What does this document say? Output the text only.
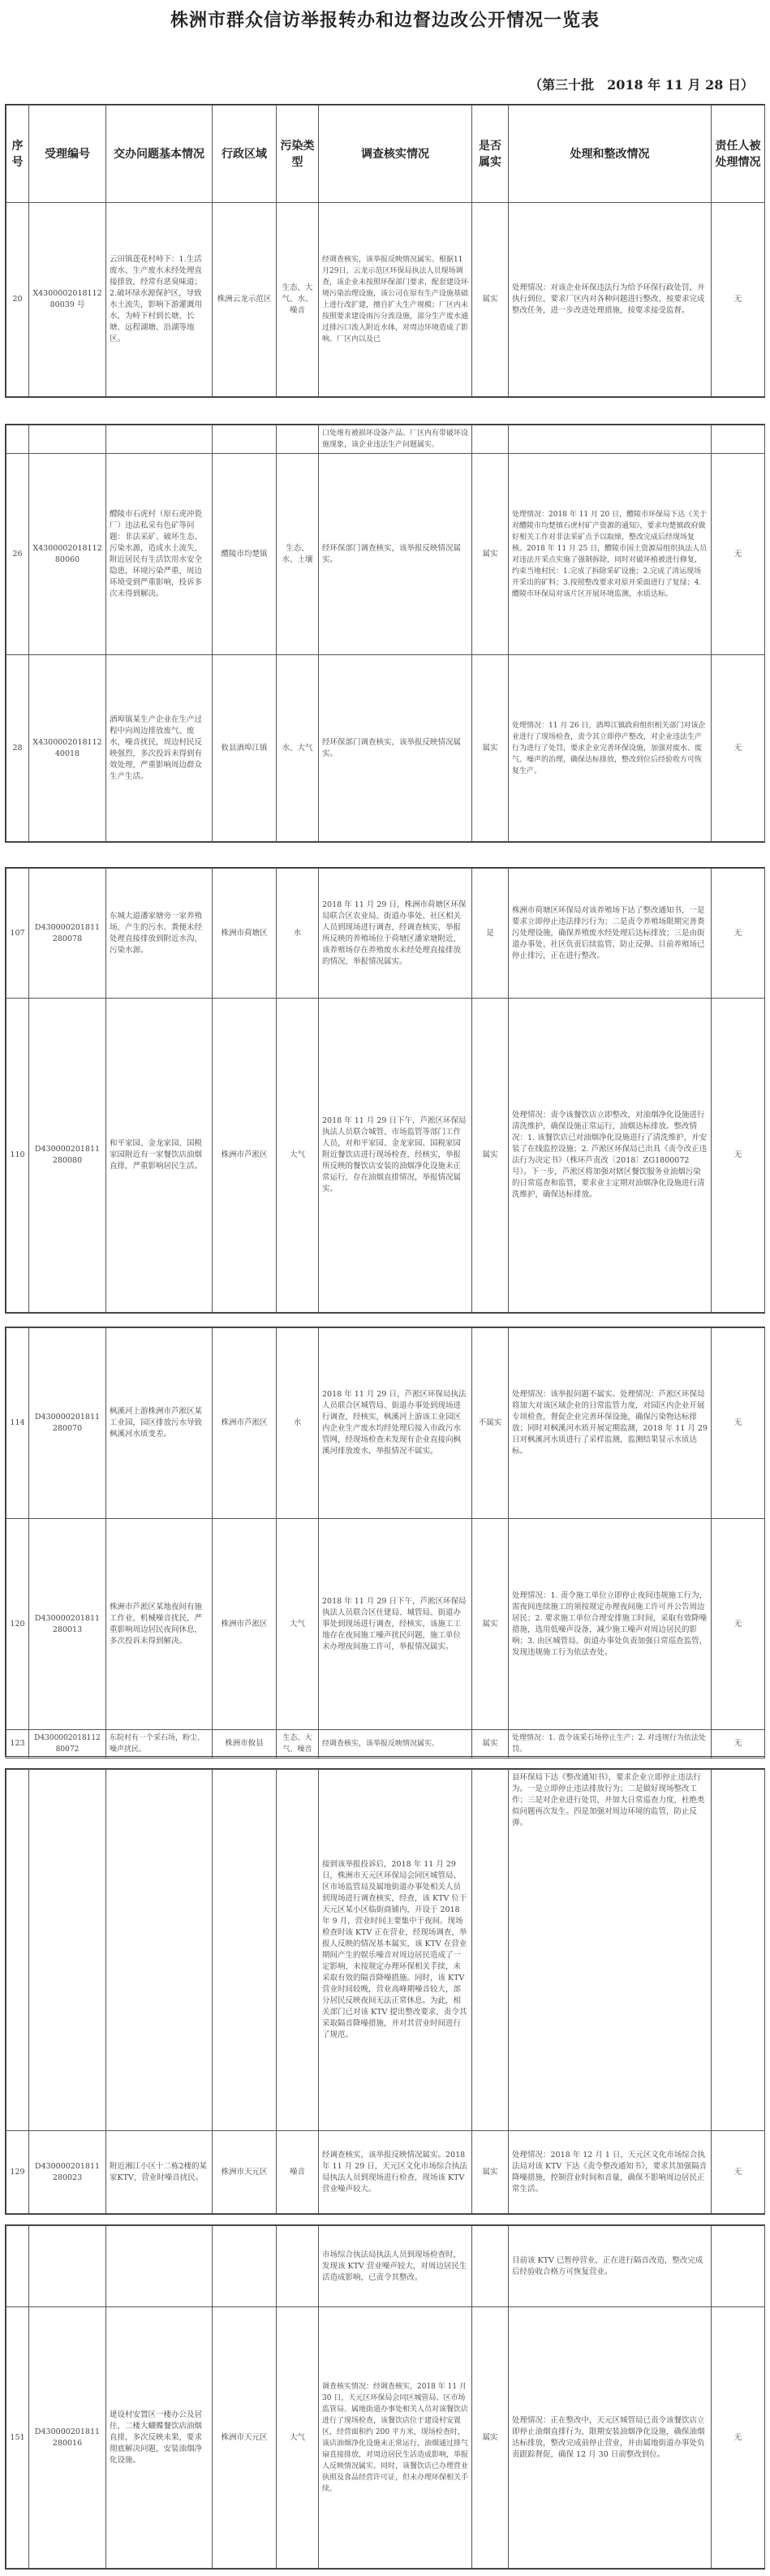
株洲市群众信访举报转办和边督边改公开情况一览表
（第三十批　2018 年 11 月 28 日）
序号	受理编号	交办问题基本情况	行政区域	污染类型	调查核实情况	是否属实	处理和整改情况	责任人被处理情况
20	X430000201811280039 号	云田镇莲花村峙下：1.生活废水、生产废水未经处理直接排放，经常有恶臭味道；2.破坏绿水源保护区，导致水土流失，影响下游灌溉用水，为峙下村到长塘、长塘、远程湖塘、沿湖等地区。	株洲云龙示范区	生态、大气、水、噪音	经调查核实，该举报反映情况属实。根据11月29日，云龙示范区环保局执法人员现场调查，该企业未按照环保部门要求，配套建设环境污染治理设施，该公司在原有生产设施基础上进行改扩建，擅自扩大生产规模；厂区内未按照要求建设雨污分流设施，部分生产废水通过排污口流入附近水体，对周边环境造成了影响。厂区内以及已	属实	处理情况：对该企业环保违法行为给予环保行政处罚，并执行到位，要求厂区内对各种问题进行整改，按要求完成整改任务，进一步改进处理措施，按要求接受监督。	无
					口处堆有被损坏设备产品。厂区内有带破坏设施现象，该企业违法生产问题属实。			
26	X430000201811280060	醴陵市石虎村（原石虎冲瓷厂）违法私采有色矿等问题：非法采矿、破坏生态、污染水源，造成水土流失，附近居民有生活饮用水安全隐患，环境污染严重，周边环境受到严重影响，投诉多次未得到解决。	醴陵市均楚镇	生态、水、土壤	经环保部门调查核实，该举报反映情况属实。	属实	处理情况：2018 年 11 月 20 日，醴陵市环保局下达《关于对醴陵市均楚镇石虎村矿产资源的通知》，要求均楚镇政府做好相关工作对非法采矿点予以取缔，整改完成后经现场复核。2018 年 11 月 25 日，醴陵市国土资源局组织执法人员对违法开采点实施了强制拆除，同时对破坏植被进行修复，约束当地村民：1.完成了拆除采矿设施；2.完成了清运现场开采出的矿料；3.按照整改要求对原开采面进行了复绿；4.醴陵市环保局对该片区开展环境监测，水质达标。	无
28	X430000201811240018	酒埠镇某生产企业在生产过程中向周边排放废气、废水，噪音扰民，周边村民反映强烈，多次投诉未得到有效处理，严重影响周边群众生产生活。	攸县酒埠江镇	水、大气	经环保部门调查核实，该举报反映情况属实。	属实	处理情况：11 月 26 日，酒埠江镇政府组织相关部门对该企业进行了现场检查，责令其立即停产整改，对企业违法生产行为进行了处罚，要求企业完善环保设施，加强对废水、废气、噪声的治理，确保达标排放，整改到位后经验收方可恢复生产。	无
107	D430000201811280078	东城大道潘家塘旁一家养殖场，产生的污水、粪便未经处理直接排放到附近水沟，污染水源。	株洲市荷塘区	水	2018 年 11 月 29 日，株洲市荷塘区环保局联合区农业局、街道办事处、社区相关人员到现场进行调查，经调查核实，举报所反映的养殖场位于荷塘区潘家塘附近，该养殖场存在养殖废水未经处理直接排放的情况，举报情况属实。	是	株洲市荷塘区环保局对该养殖场下达了整改通知书，一是要求立即停止违法排污行为；二是责令养殖场限期完善粪污处理设施，确保养殖废水经处理后达标排放；三是由街道办事处、社区负责后续监管，防止反弹。目前养殖场已停止排污，正在进行整改。	无
110	D430000201811280080	和平家园、金龙家园、国税家园附近有一家餐饮店油烟直排，严重影响居民生活。	株洲市芦淞区	大气	2018 年 11 月 29 日下午，芦淞区环保局执法人员联合城管、市场监管等部门工作人员，对和平家园、金龙家园、国税家园附近餐饮店进行现场检查，经核实，举报所反映的餐饮店安装的油烟净化设施未正常运行，存在油烟直排情况，举报情况属实。	属实	处理情况：责令该餐饮店立即整改，对油烟净化设施进行清洗维护，确保设施正常运行，油烟达标排放。整改情况：1. 该餐饮店已对油烟净化设施进行了清洗维护，并安装了在线监控设施；2. 芦淞区环保局已出具《责令改正违法行为决定书》（株环芦责改〔2018〕ZG1800072 号）。下一步，芦淞区将加强对辖区餐饮服务业油烟污染的日常巡查和监管，要求业主定期对油烟净化设施进行清洗维护，确保达标排放。	无
114	D430000201811280070	枫溪河上游株洲市芦淞区某工业园，园区排放污水导致枫溪河水质变差。	株洲市芦淞区	水	2018 年 11 月 29 日，芦淞区环保局执法人员联合区城管局、街道办事处到现场进行调查，经核实，枫溪河上游该工业园区内企业生产废水均经处理后接入市政污水管网，经现场检查未发现有企业直接向枫溪河排放废水，举报情况不属实。	不属实	处理情况：该举报问题不属实。处理情况：芦淞区环保局将加大对该区域企业的日常监管力度，对园区内企业开展专项检查，督促企业完善环保设施，确保污染物达标排放；同时对枫溪河水质开展定期监测，2018 年 11 月 29 日对枫溪河水质进行了采样监测，监测结果显示水质达标。	无
120	D430000201811280013	株洲市芦淞区某地夜间有施工作业，机械噪音扰民，严重影响周边居民夜间休息，多次投诉未得到解决。	株洲市芦淞区	大气	2018 年 11 月 29 日下午，芦淞区环保局执法人员联合区住建局、城管局、街道办事处到现场进行调查，经核实，该施工工地存在夜间施工噪声扰民问题，施工单位未办理夜间施工许可，举报情况属实。	属实	处理情况：1. 责令施工单位立即停止夜间违规施工行为，需夜间连续施工的须按规定办理夜间施工许可并公告周边居民；2. 要求施工单位合理安排施工时间，采取有效降噪措施，选用低噪声设备，减少施工噪声对周边居民的影响；3. 由区城管局、街道办事处负责加强日常巡查监管，发现违规施工行为依法查处。	无
123	D430000201811280072	东院村有一个采石场，粉尘、噪声扰民。	株洲市攸县	生态、大气、噪音	经调查核实，该举报反映情况属实。	属实	处理情况：1. 责令该采石场停止生产；2. 对违规行为依法处罚。	无
					接到该举报投诉后，2018 年 11 月 29 日，株洲市天元区环保局会同区城管局、区市场监管局及属地街道办事处相关人员到现场进行调查核实，经查，该 KTV 位于天元区某小区临街商铺内，开设于 2018 年 9 月，营业时间主要集中于夜间。现场检查时该 KTV 正在营业，经现场调查，举报人反映的情况基本属实，该 KTV 在营业期间产生的娱乐噪音对周边居民造成了一定影响，未按规定办理环保相关手续，未采取有效的隔音降噪措施。同时，该 KTV 营业时间较晚，营业高峰期噪音较大，部分居民反映夜间无法正常休息。为此，相关部门已对该 KTV 提出整改要求，责令其采取隔音降噪措施，并对其营业时间进行了规范。		县环保局下达《整改通知书》，要求企业立即停止违法行为。一是立即停止违法排放行为；二是做好现场整改工作；三是对企业进行处罚，并加大日常巡查力度，杜绝类似问题再次发生。四是加强对周边环境的监管，防止反弹。	
129	D430000201811280023	附近湘江小区十二栋2楼的某家KTV，营业时噪音扰民。	株洲市天元区	噪音	经调查核实，该举报反映情况属实。2018 年 11 月 29 日，天元区文化市场综合执法局执法人员到现场进行检查，现场该 KTV 营业噪声较大。	属实	处理情况：2018 年 12 月 1 日，天元区文化市场综合执法局对该 KTV 下达《责令整改通知书》，要求其加强隔音降噪措施，控制营业时间和音量，确保不影响周边居民正常生活。	无
					市场综合执法局执法人员到现场检查时，发现该 KTV 营业噪声较大，对周边居民生活造成影响，已责令其整改。		目前该 KTV 已暂停营业，正在进行隔音改造，整改完成后经验收合格方可恢复营业。	
151	D430000201811280016	建设村安置区一楼办公及居住，二楼大蝴蝶餐饮店油烟直排，多次反映未果，要求彻底解决问题，安装油烟净化设施。	株洲市天元区	大气	调查核实情况：经调查核实，2018 年 11 月 30 日，天元区环保局会同区城管局、区市场监管局、属地街道办事处相关人员对该餐饮店进行了现场检查，该餐饮店位于建设村安置区，经营面积约 200 平方米，现场检查时，该店油烟净化设施未正常运行，油烟通过排气扇直接排放，对周边居民生活造成影响，举报人反映情况属实。同时，该餐饮店已办理营业执照及食品经营许可证，但未办理环保相关手续。	属实	处理情况：正在整改中，天元区城管局已责令该餐饮店立即停止油烟直排行为，限期安装油烟净化设施，确保油烟达标排放，整改完成前停止营业，并由属地街道办事处负责跟踪督促，确保 12 月 30 日前整改到位。	无
